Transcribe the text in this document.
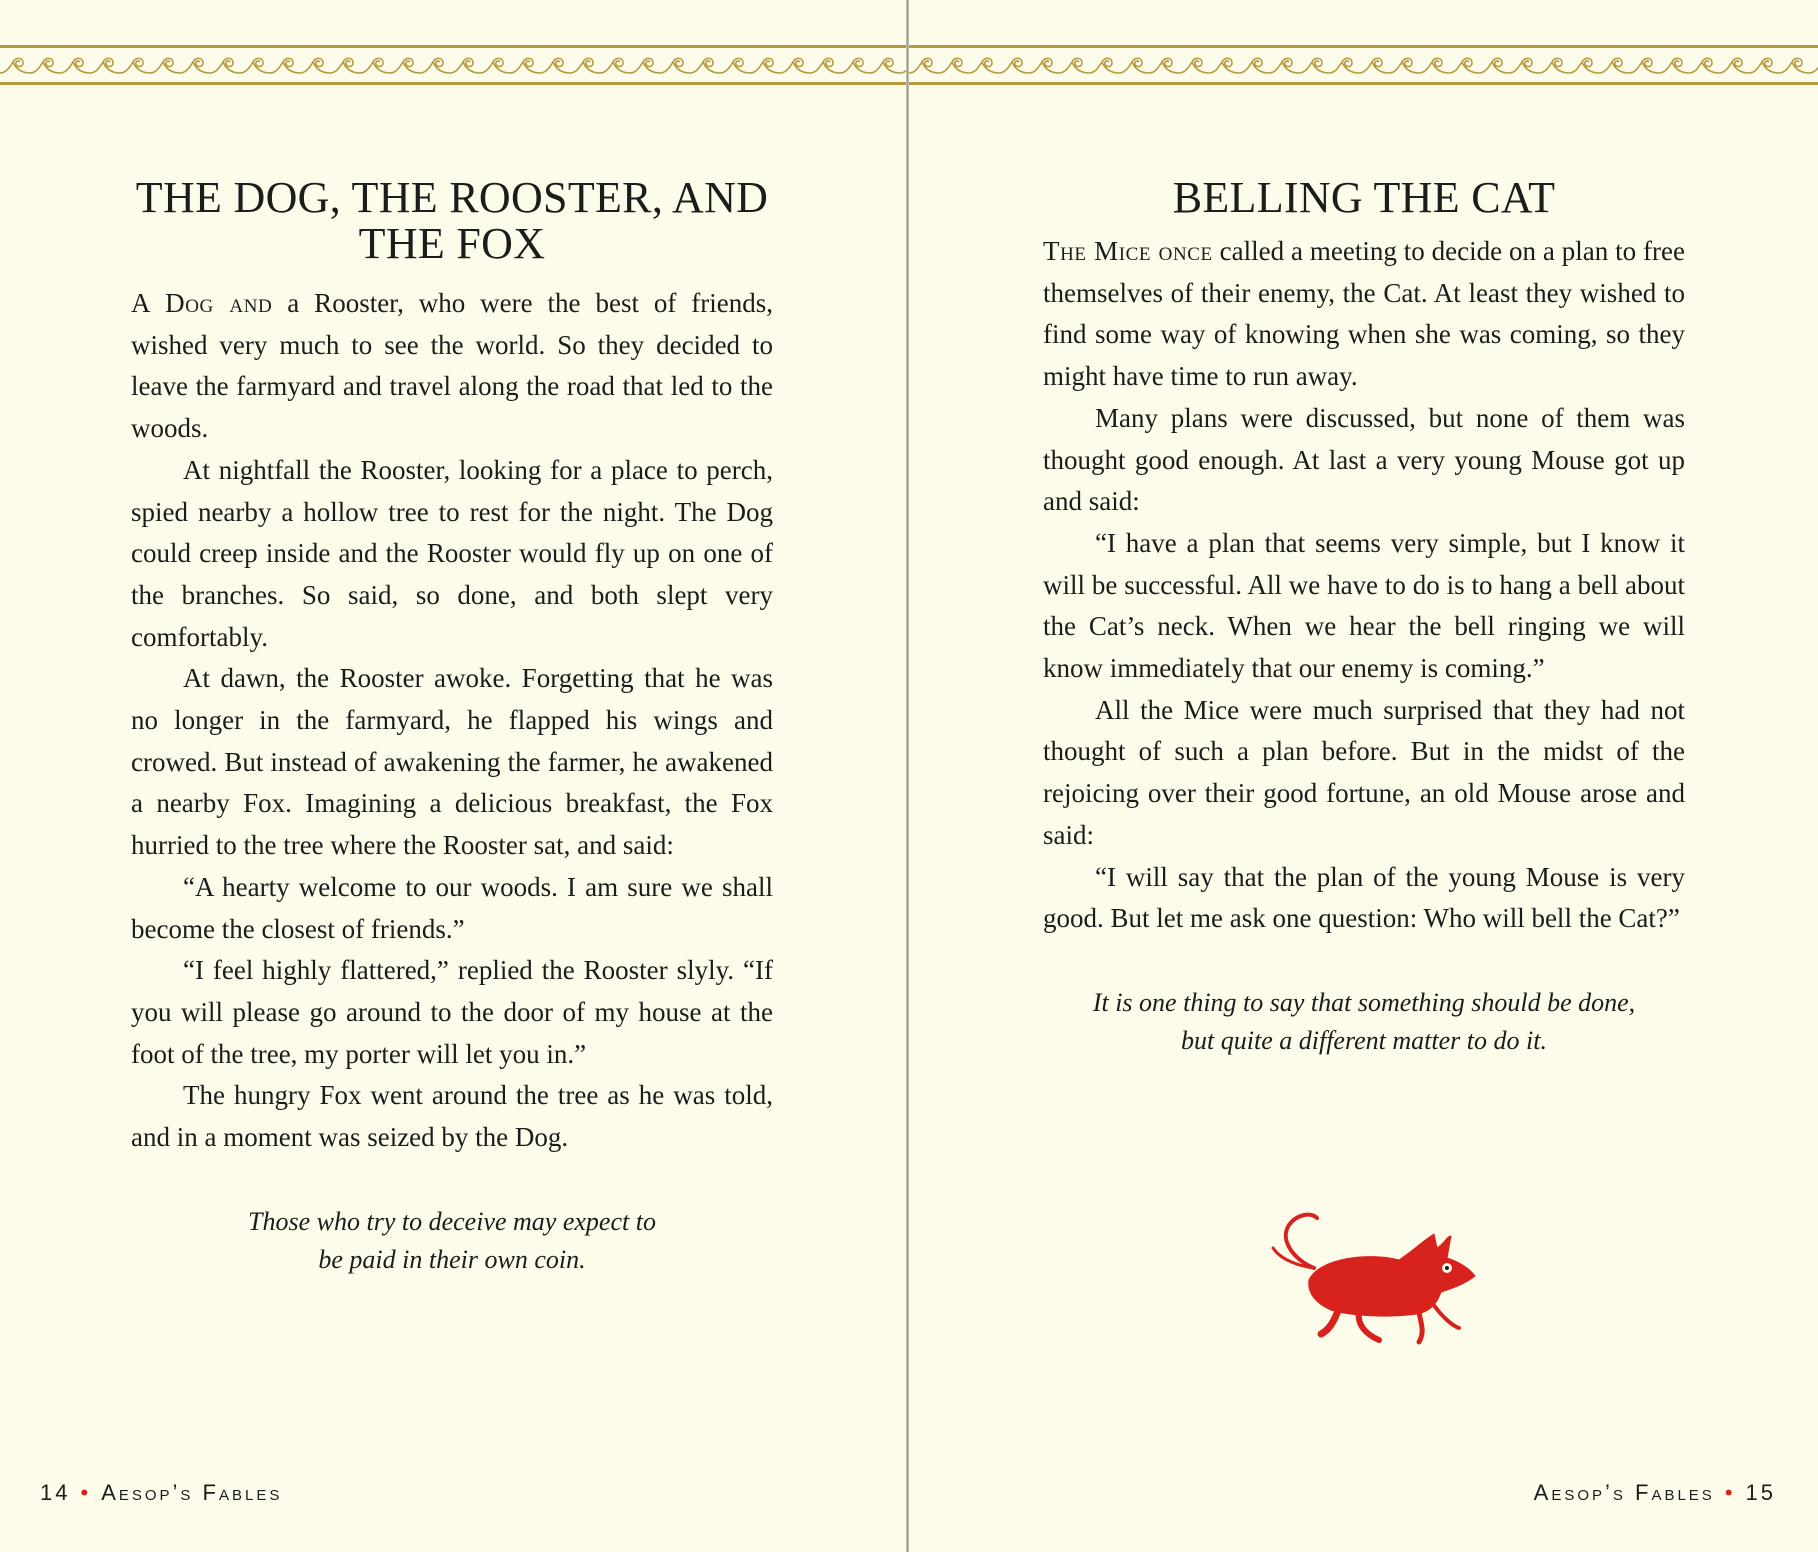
THE DOG, THE ROOSTER, AND
THE FOX

A Dog and a Rooster, who were the best of friends, wished very much to see the world. So they decided to leave the farmyard and travel along the road that led to the woods.

At nightfall the Rooster, looking for a place to perch, spied nearby a hollow tree to rest for the night. The Dog could creep inside and the Rooster would fly up on one of the branches. So said, so done, and both slept very comfortably.

At dawn, the Rooster awoke. Forgetting that he was no longer in the farmyard, he flapped his wings and crowed. But instead of awakening the farmer, he awakened a nearby Fox. Imagining a delicious breakfast, the Fox hurried to the tree where the Rooster sat, and said:

“A hearty welcome to our woods. I am sure we shall become the closest of friends.”

“I feel highly flattered,” replied the Rooster slyly. “If you will please go around to the door of my house at the foot of the tree, my porter will let you in.”

The hungry Fox went around the tree as he was told, and in a moment was seized by the Dog.

Those who try to deceive may expect to
be paid in their own coin.
14 • Aesop’s Fables
BELLING THE CAT

The Mice once called a meeting to decide on a plan to free themselves of their enemy, the Cat. At least they wished to find some way of knowing when she was coming, so they might have time to run away.

Many plans were discussed, but none of them was thought good enough. At last a very young Mouse got up and said:

“I have a plan that seems very simple, but I know it will be successful. All we have to do is to hang a bell about the Cat’s neck. When we hear the bell ringing we will know immediately that our enemy is coming.”

All the Mice were much surprised that they had not thought of such a plan before. But in the midst of the rejoicing over their good fortune, an old Mouse arose and said:

“I will say that the plan of the young Mouse is very good. But let me ask one question: Who will bell the Cat?”

It is one thing to say that something should be done,
but quite a different matter to do it.
Aesop’s Fables • 15
